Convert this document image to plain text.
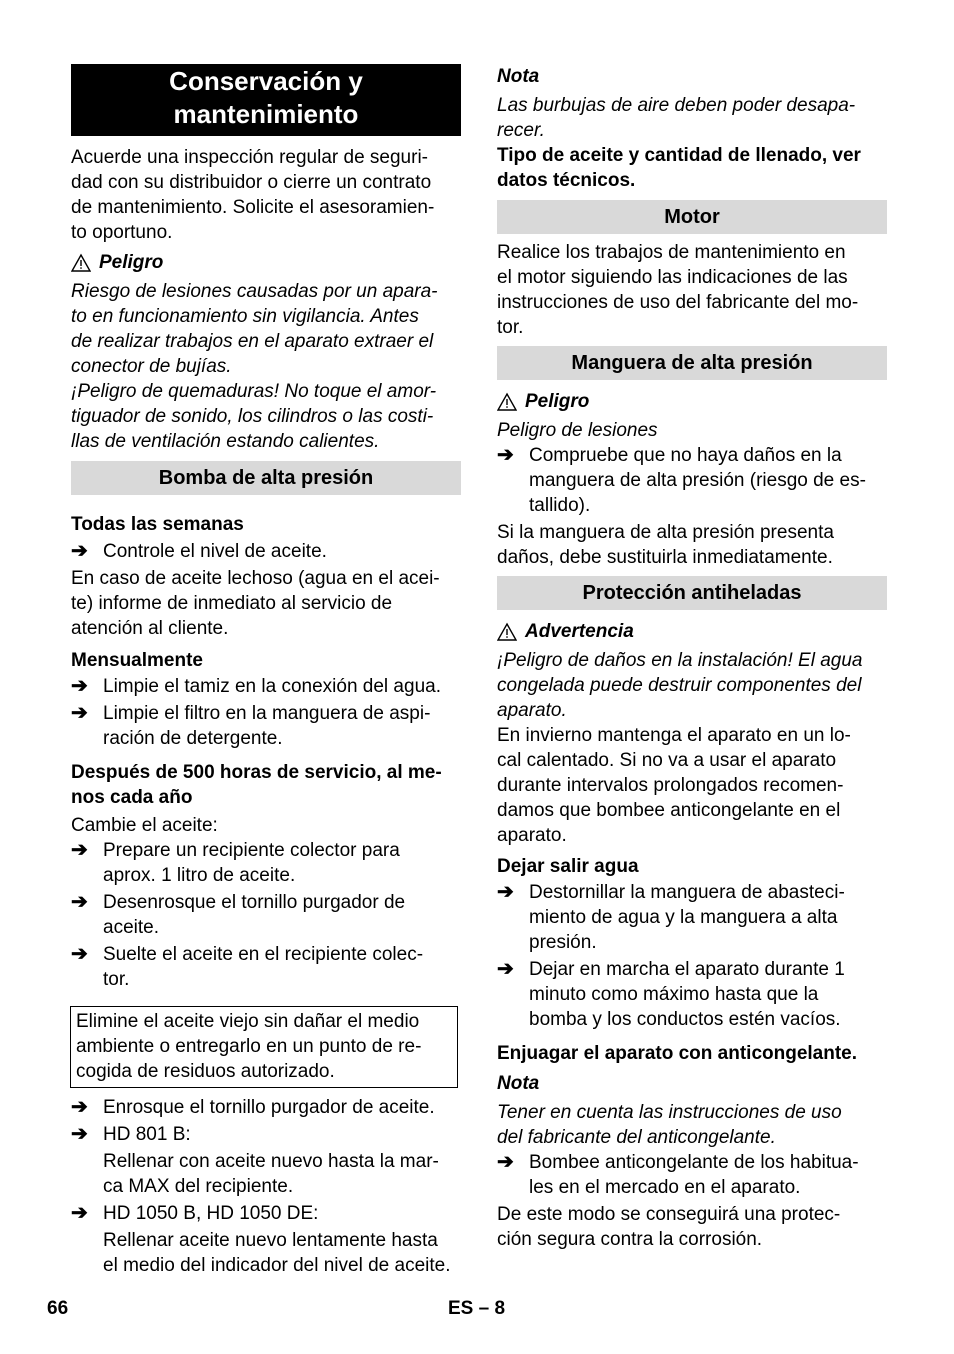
Conservación y
mantenimiento

Acuerde una inspección regular de seguri-

dad con su distribuidor o cierre un contrato

de mantenimiento. Solicite el asesoramien-

to oportuno.

Peligro

Riesgo de lesiones causadas por un apara-

to en funcionamiento sin vigilancia. Antes

de realizar trabajos en el aparato extraer el

conector de bujías.

¡Peligro de quemaduras! No toque el amor-

tiguador de sonido, los cilindros o las costi-

llas de ventilación estando calientes.

Bomba de alta presión

Todas las semanas

➔ Controle el nivel de aceite.

En caso de aceite lechoso (agua en el acei-

te) informe de inmediato al servicio de

atención al cliente.

Mensualmente

➔ Limpie el tamiz en la conexión del agua.
➔ Limpie el filtro en la manguera de aspi-
ración de detergente.

Después de 500 horas de servicio, al me-

nos cada año

Cambie el aceite:

➔ Prepare un recipiente colector para
aprox. 1 litro de aceite.
➔ Desenrosque el tornillo purgador de
aceite.
➔ Suelte el aceite en el recipiente colec-
tor.
Elimine el aceite viejo sin dañar el medio
ambiente o entregarlo en un punto de re-
cogida de residuos autorizado.
➔ Enrosque el tornillo purgador de aceite.
➔ HD 801 B:

Rellenar con aceite nuevo hasta la mar-

ca MAX del recipiente.

➔ HD 1050 B, HD 1050 DE:

Rellenar aceite nuevo lentamente hasta

el medio del indicador del nivel de aceite.

Nota

Las burbujas de aire deben poder desapa-

recer.

Tipo de aceite y cantidad de llenado, ver

datos técnicos.

Motor

Realice los trabajos de mantenimiento en

el motor siguiendo las indicaciones de las

instrucciones de uso del fabricante del mo-

tor.

Manguera de alta presión
Peligro

Peligro de lesiones

➔ Compruebe que no haya daños en la
manguera de alta presión (riesgo de es-
tallido).

Si la manguera de alta presión presenta

daños, debe sustituirla inmediatamente.

Protección antiheladas
Advertencia

¡Peligro de daños en la instalación! El agua

congelada puede destruir componentes del

aparato.

En invierno mantenga el aparato en un lo-

cal calentado. Si no va a usar el aparato

durante intervalos prolongados recomen-

damos que bombee anticongelante en el

aparato.

Dejar salir agua

➔ Destornillar la manguera de abasteci-
miento de agua y la manguera a alta
presión.
➔ Dejar en marcha el aparato durante 1
minuto como máximo hasta que la
bomba y los conductos estén vacíos.

Enjuagar el aparato con anticongelante.

Nota

Tener en cuenta las instrucciones de uso

del fabricante del anticongelante.

➔ Bombee anticongelante de los habitua-
les en el mercado en el aparato.

De este modo se conseguirá una protec-

ción segura contra la corrosión.

66	ES – 8
